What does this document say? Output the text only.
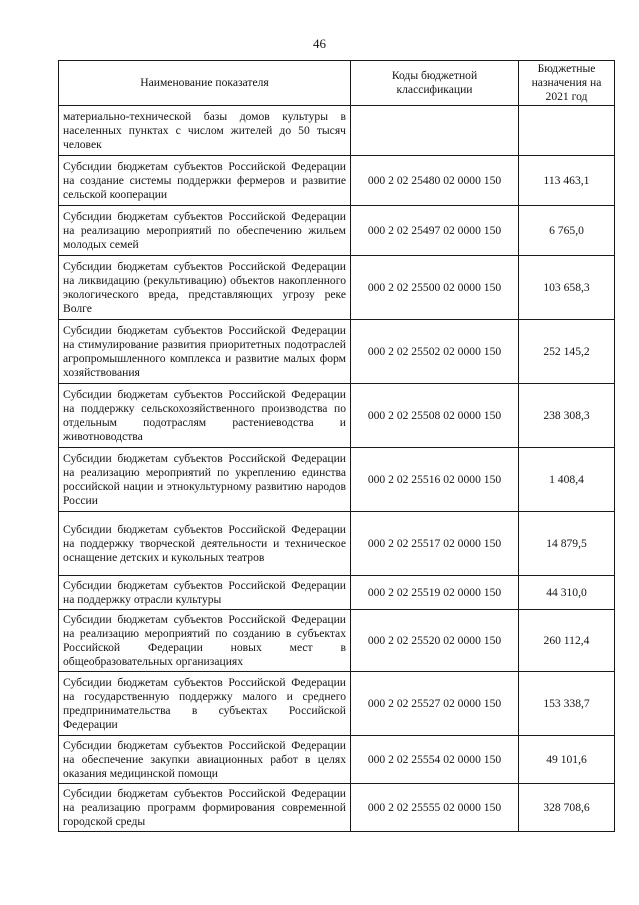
46
Наименование показателя	Коды бюджетной классификации	Бюджетные назначения на 2021 год
материально-технической базы домов культуры в населенных пунктах с числом жителей до 50 тысяч человек		
Субсидии бюджетам субъектов Российской Федерации на создание системы поддержки фермеров и развитие сельской кооперации	000 2 02 25480 02 0000 150	113 463,1
Субсидии бюджетам субъектов Российской Федерации на реализацию мероприятий по обеспечению жильем молодых семей	000 2 02 25497 02 0000 150	6 765,0
Субсидии бюджетам субъектов Российской Федерации на ликвидацию (рекультивацию) объектов накопленного экологического вреда, представляющих угрозу реке Волге	000 2 02 25500 02 0000 150	103 658,3
Субсидии бюджетам субъектов Российской Федерации на стимулирование развития приоритетных подотраслей агропромышленного комплекса и развитие малых форм хозяйствования	000 2 02 25502 02 0000 150	252 145,2
Субсидии бюджетам субъектов Российской Федерации на поддержку сельскохозяйственного производства по отдельным подотраслям растениеводства и животноводства	000 2 02 25508 02 0000 150	238 308,3
Субсидии бюджетам субъектов Российской Федерации на реализацию мероприятий по укреплению единства российской нации и этнокультурному развитию народов России	000 2 02 25516 02 0000 150	1 408,4
Субсидии бюджетам субъектов Российской Федерации на поддержку творческой деятельности и техническое оснащение детских и кукольных театров	000 2 02 25517 02 0000 150	14 879,5
Субсидии бюджетам субъектов Российской Федерации на поддержку отрасли культуры	000 2 02 25519 02 0000 150	44 310,0
Субсидии бюджетам субъектов Российской Федерации на реализацию мероприятий по созданию в субъектах Российской Федерации новых мест в общеобразовательных организациях	000 2 02 25520 02 0000 150	260 112,4
Субсидии бюджетам субъектов Российской Федерации на государственную поддержку малого и среднего предпринимательства в субъектах Российской Федерации	000 2 02 25527 02 0000 150	153 338,7
Субсидии бюджетам субъектов Российской Федерации на обеспечение закупки авиационных работ в целях оказания медицинской помощи	000 2 02 25554 02 0000 150	49 101,6
Субсидии бюджетам субъектов Российской Федерации на реализацию программ формирования современной городской среды	000 2 02 25555 02 0000 150	328 708,6
